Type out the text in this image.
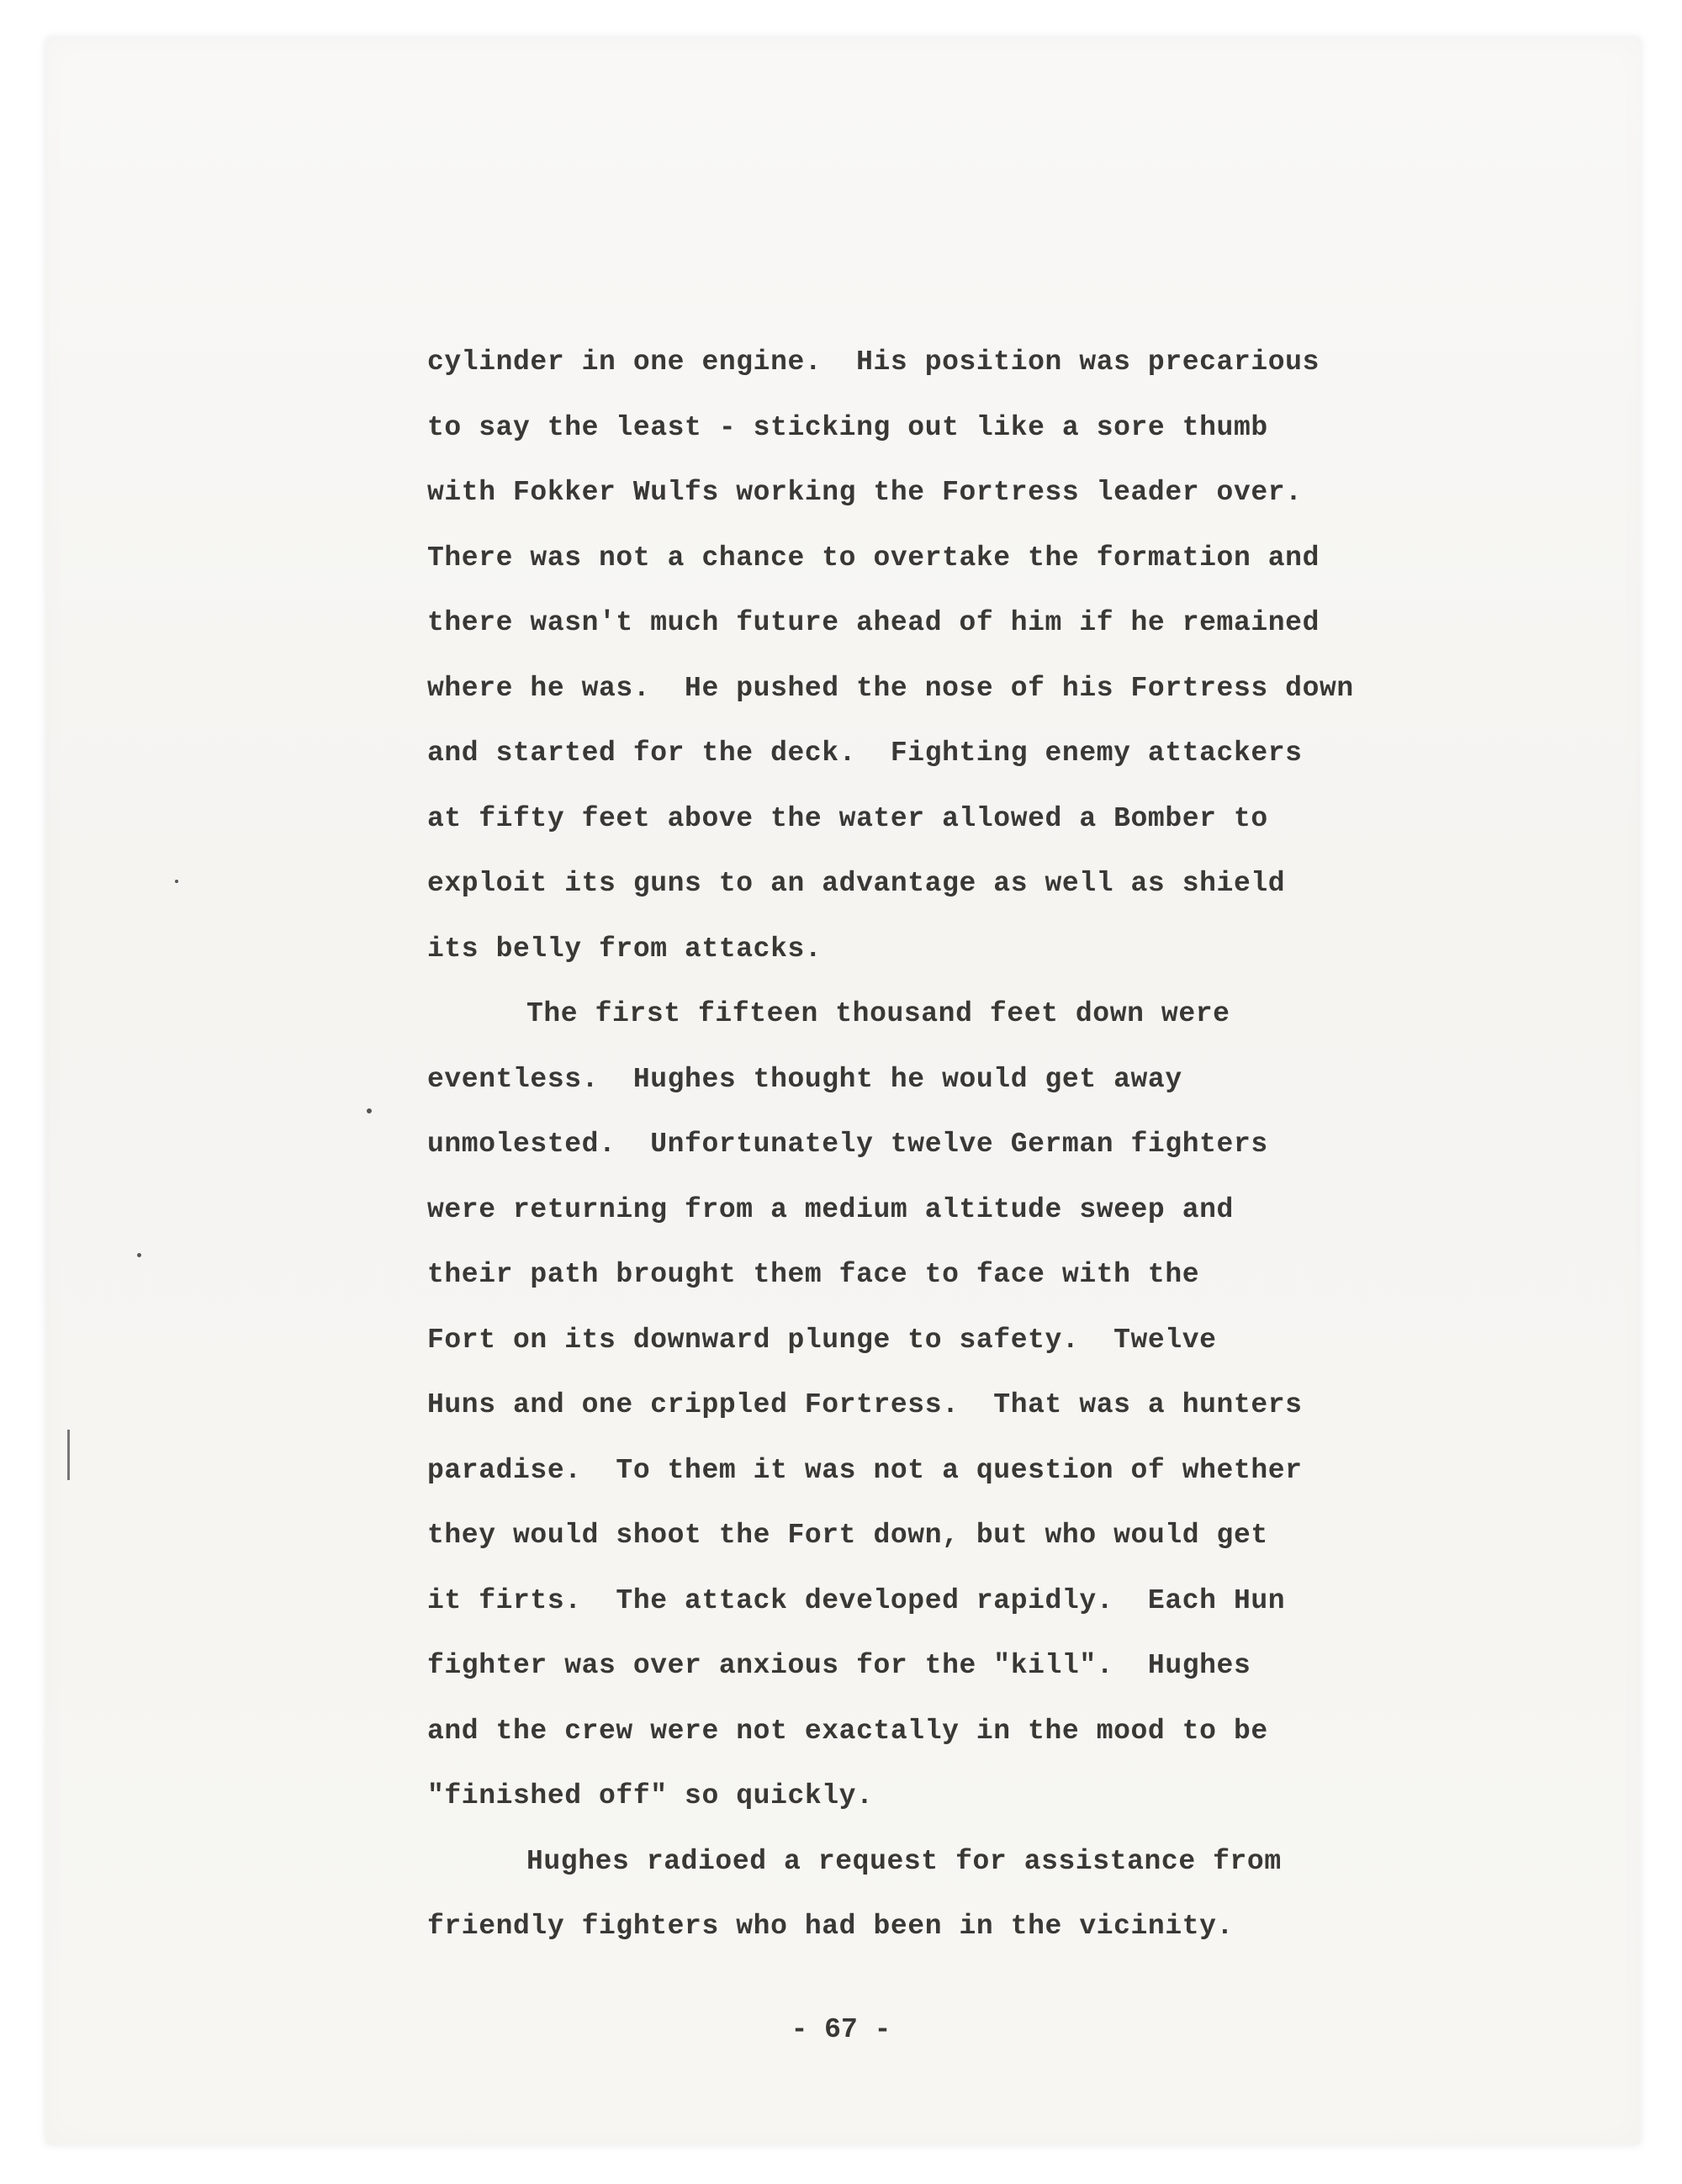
cylinder in one engine.  His position was precarious
to say the least - sticking out like a sore thumb
with Fokker Wulfs working the Fortress leader over.
There was not a chance to overtake the formation and
there wasn't much future ahead of him if he remained
where he was.  He pushed the nose of his Fortress down
and started for the deck.  Fighting enemy attackers
at fifty feet above the water allowed a Bomber to
exploit its guns to an advantage as well as shield
its belly from attacks.
The first fifteen thousand feet down were
eventless.  Hughes thought he would get away
unmolested.  Unfortunately twelve German fighters
were returning from a medium altitude sweep and
their path brought them face to face with the
Fort on its downward plunge to safety.  Twelve
Huns and one crippled Fortress.  That was a hunters
paradise.  To them it was not a question of whether
they would shoot the Fort down, but who would get
it firts.  The attack developed rapidly.  Each Hun
fighter was over anxious for the "kill".  Hughes
and the crew were not exactally in the mood to be
"finished off" so quickly.
Hughes radioed a request for assistance from
friendly fighters who had been in the vicinity.
- 67 -
